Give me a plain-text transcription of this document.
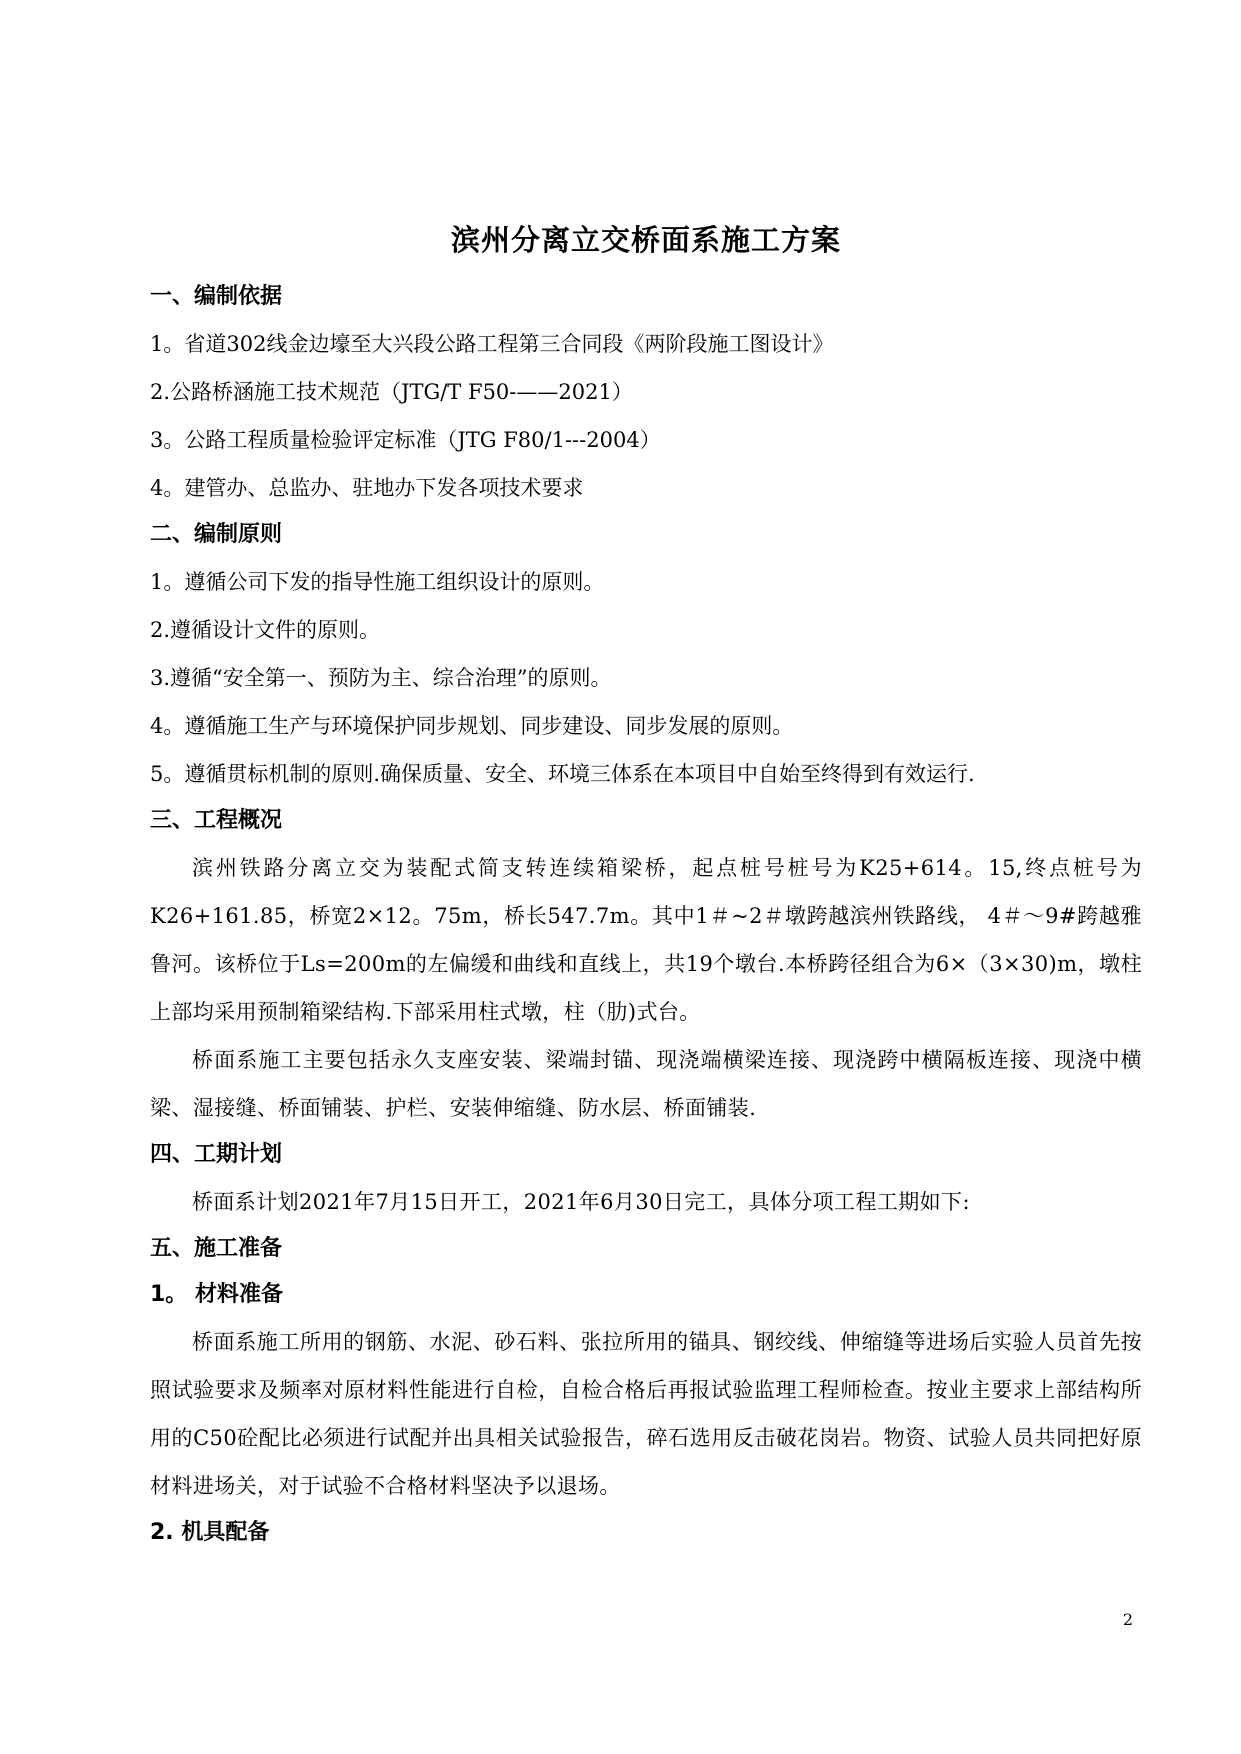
滨州分离立交桥面系施工方案
一、编制依据

1。省道302线金边壕至大兴段公路工程第三合同段《两阶段施工图设计》

2.公路桥涵施工技术规范（JTG/T F50-——2021）

3。公路工程质量检验评定标准（JTG F80/1---2004）

4。建管办、总监办、驻地办下发各项技术要求

二、编制原则

1。遵循公司下发的指导性施工组织设计的原则。

2.遵循设计文件的原则。

3.遵循“安全第一、预防为主、综合治理”的原则。

4。遵循施工生产与环境保护同步规划、同步建设、同步发展的原则。

5。遵循贯标机制的原则.确保质量、安全、环境三体系在本项目中自始至终得到有效运行.

三、工程概况

滨州铁路分离立交为装配式简支转连续箱梁桥，起点桩号桩号为K25+614。15,终点桩号为K26+161.85，桥宽2×12。75m，桥长547.7m。其中1＃~2＃墩跨越滨州铁路线， 4＃～9#跨越雅鲁河。该桥位于Ls=200m的左偏缓和曲线和直线上，共19个墩台.本桥跨径组合为6×（3×30)m，墩柱上部均采用预制箱梁结构.下部采用柱式墩，柱（肋)式台。

桥面系施工主要包括永久支座安装、梁端封锚、现浇端横梁连接、现浇跨中横隔板连接、现浇中横梁、湿接缝、桥面铺装、护栏、安装伸缩缝、防水层、桥面铺装.

四、工期计划

桥面系计划2021年7月15日开工，2021年6月30日完工，具体分项工程工期如下:

五、施工准备
1。 材料准备

桥面系施工所用的钢筋、水泥、砂石料、张拉所用的锚具、钢绞线、伸缩缝等进场后实验人员首先按照试验要求及频率对原材料性能进行自检，自检合格后再报试验监理工程师检查。按业主要求上部结构所用的C50砼配比必须进行试配并出具相关试验报告，碎石选用反击破花岗岩。物资、试验人员共同把好原材料进场关，对于试验不合格材料坚决予以退场。

2. 机具配备
2
